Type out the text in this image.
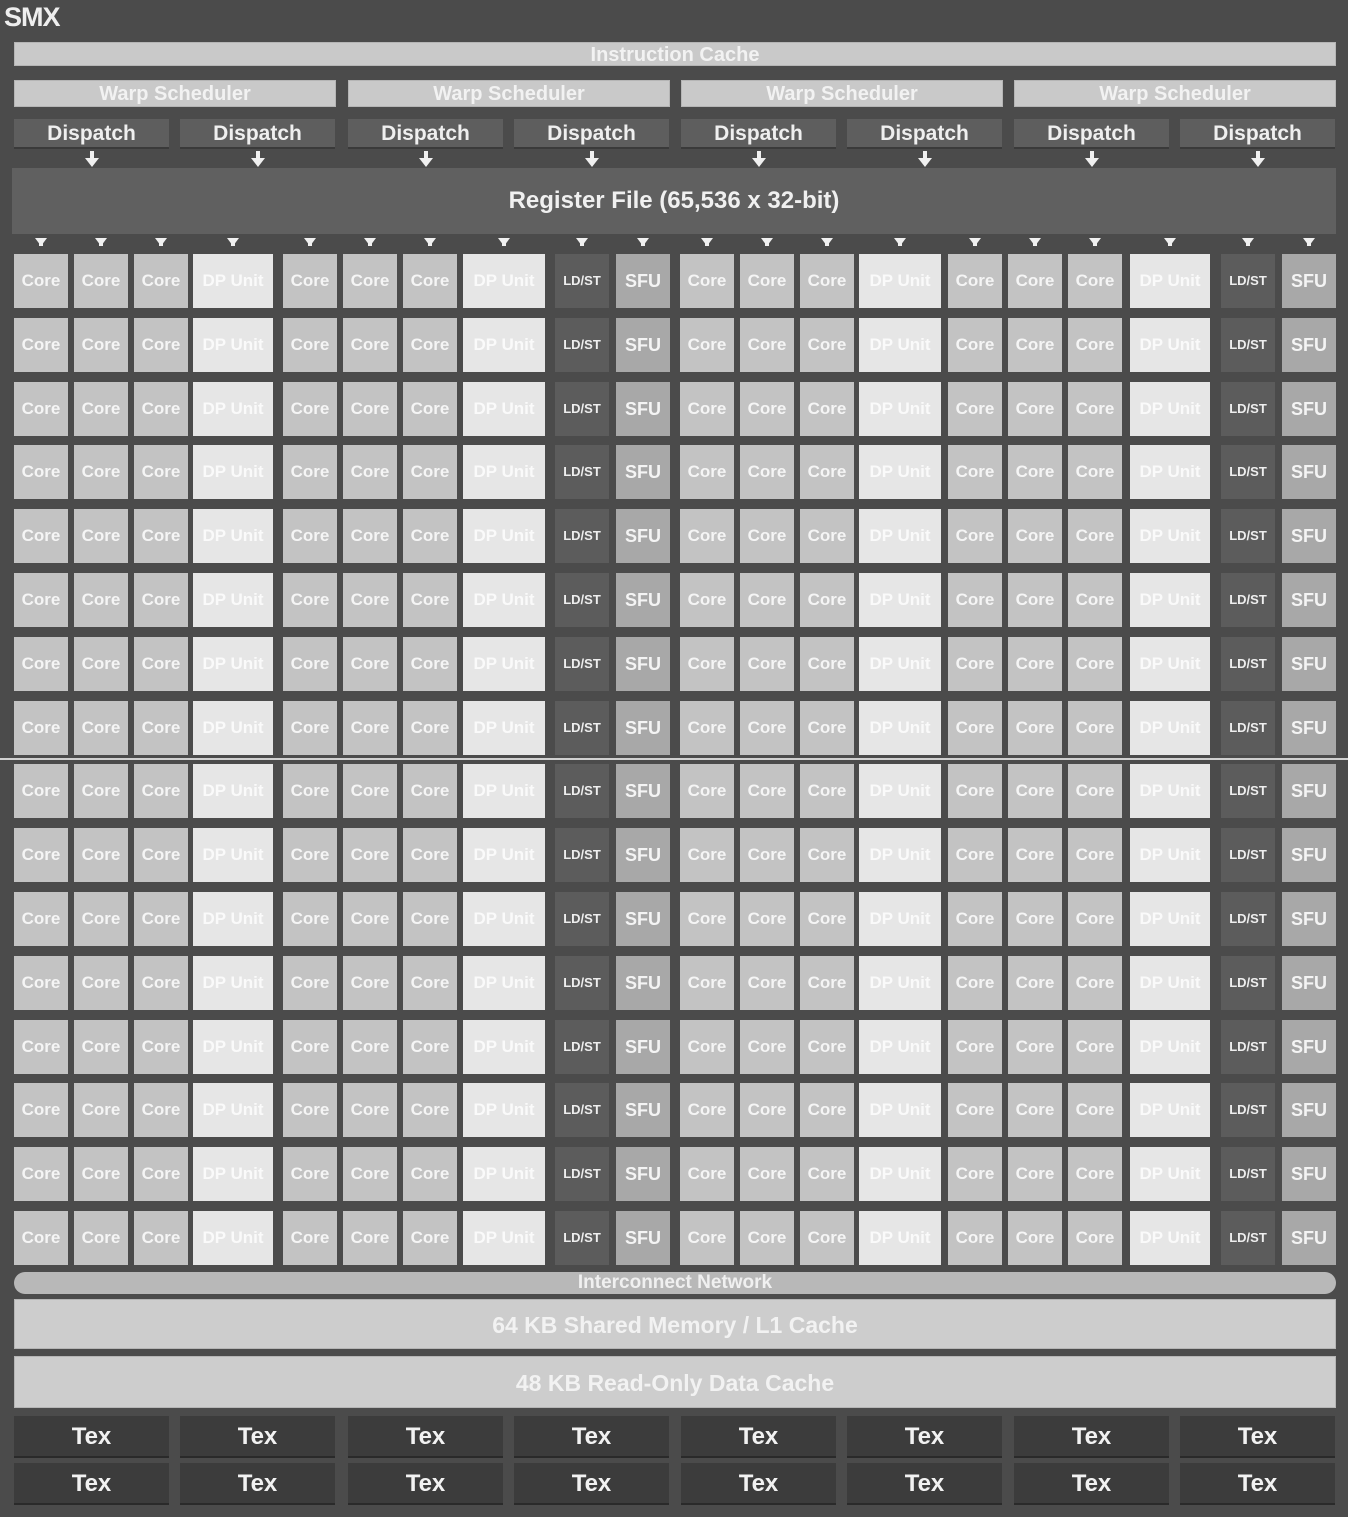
SMX
Instruction Cache
Warp Scheduler	Warp Scheduler	Warp Scheduler	Warp Scheduler
Dispatch	Dispatch	Dispatch	Dispatch	Dispatch	Dispatch	Dispatch	Dispatch
Register File (65,536 x 32-bit)
Core	Core	Core	DP Unit	Core	Core	Core	DP Unit	LD/ST	SFU	Core	Core	Core	DP Unit	Core	Core	Core	DP Unit	LD/ST	SFU
Core	Core	Core	DP Unit	Core	Core	Core	DP Unit	LD/ST	SFU	Core	Core	Core	DP Unit	Core	Core	Core	DP Unit	LD/ST	SFU
Core	Core	Core	DP Unit	Core	Core	Core	DP Unit	LD/ST	SFU	Core	Core	Core	DP Unit	Core	Core	Core	DP Unit	LD/ST	SFU
Core	Core	Core	DP Unit	Core	Core	Core	DP Unit	LD/ST	SFU	Core	Core	Core	DP Unit	Core	Core	Core	DP Unit	LD/ST	SFU
Core	Core	Core	DP Unit	Core	Core	Core	DP Unit	LD/ST	SFU	Core	Core	Core	DP Unit	Core	Core	Core	DP Unit	LD/ST	SFU
Core	Core	Core	DP Unit	Core	Core	Core	DP Unit	LD/ST	SFU	Core	Core	Core	DP Unit	Core	Core	Core	DP Unit	LD/ST	SFU
Core	Core	Core	DP Unit	Core	Core	Core	DP Unit	LD/ST	SFU	Core	Core	Core	DP Unit	Core	Core	Core	DP Unit	LD/ST	SFU
Core	Core	Core	DP Unit	Core	Core	Core	DP Unit	LD/ST	SFU	Core	Core	Core	DP Unit	Core	Core	Core	DP Unit	LD/ST	SFU
Core	Core	Core	DP Unit	Core	Core	Core	DP Unit	LD/ST	SFU	Core	Core	Core	DP Unit	Core	Core	Core	DP Unit	LD/ST	SFU
Core	Core	Core	DP Unit	Core	Core	Core	DP Unit	LD/ST	SFU	Core	Core	Core	DP Unit	Core	Core	Core	DP Unit	LD/ST	SFU
Core	Core	Core	DP Unit	Core	Core	Core	DP Unit	LD/ST	SFU	Core	Core	Core	DP Unit	Core	Core	Core	DP Unit	LD/ST	SFU
Core	Core	Core	DP Unit	Core	Core	Core	DP Unit	LD/ST	SFU	Core	Core	Core	DP Unit	Core	Core	Core	DP Unit	LD/ST	SFU
Core	Core	Core	DP Unit	Core	Core	Core	DP Unit	LD/ST	SFU	Core	Core	Core	DP Unit	Core	Core	Core	DP Unit	LD/ST	SFU
Core	Core	Core	DP Unit	Core	Core	Core	DP Unit	LD/ST	SFU	Core	Core	Core	DP Unit	Core	Core	Core	DP Unit	LD/ST	SFU
Core	Core	Core	DP Unit	Core	Core	Core	DP Unit	LD/ST	SFU	Core	Core	Core	DP Unit	Core	Core	Core	DP Unit	LD/ST	SFU
Core	Core	Core	DP Unit	Core	Core	Core	DP Unit	LD/ST	SFU	Core	Core	Core	DP Unit	Core	Core	Core	DP Unit	LD/ST	SFU
Interconnect Network
64 KB Shared Memory / L1 Cache
48 KB Read-Only Data Cache
Tex	Tex	Tex	Tex	Tex	Tex	Tex	Tex
Tex	Tex	Tex	Tex	Tex	Tex	Tex	Tex
